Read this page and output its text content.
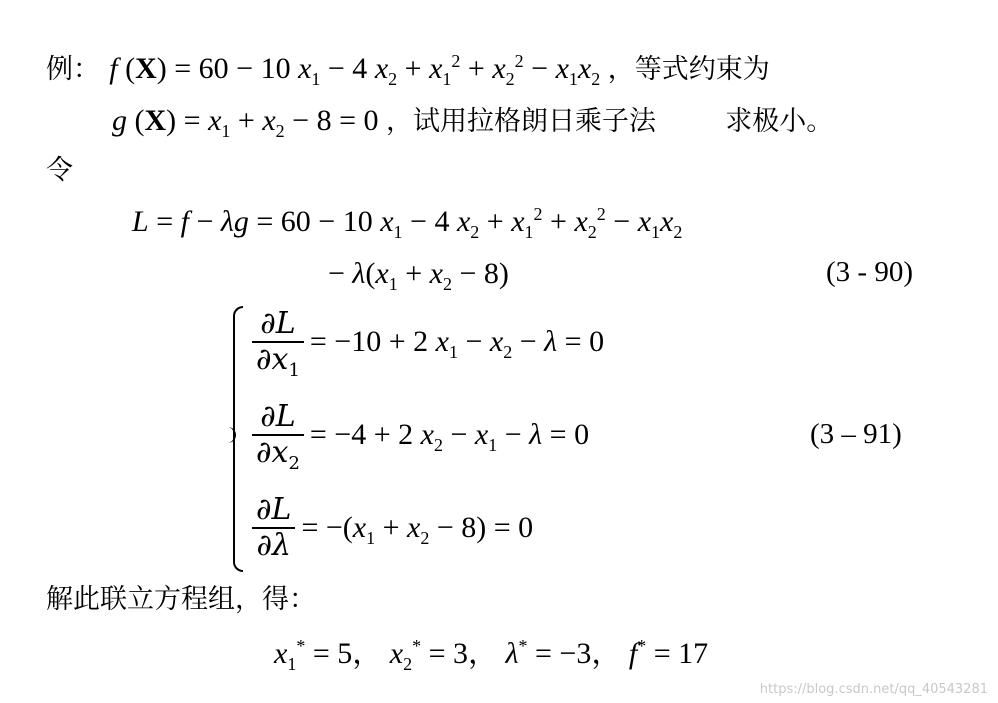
例： f (X) = 60 − 10 $x_1 - 4$ $x_2 + x_1^2 + x_2^2 - x_1x_2$ ，等式约束为
g $(X) = x_1 + x_2 - 8 = 0$ ，试用拉格朗日乘子法	求极小。
令
L = f − λg = 60 − 10 $x_1 - 4$ $x_2 + x_1^2 + x_2^2 - x_1x_2$
− $\lambda(x_1 + x_2 - 8)$	(3 - 90)
$\frac{\partial L}{\partial x_1} = -10 + 2$ $x_1 - x_2 - \lambda = 0$
$\frac{\partial L}{\partial x_2} = -4 + 2$ $x_2 - x_1 - \lambda = 0$	(3 – 91)
$\frac{\partial L}{\partial\lambda} = -(x_1 + x_2 - 8) = 0$
解此联立方程组，得：
$x_1^* = 5$， $x_2^* = 3$， λ* = −3， f* = 17
https://blog.csdn.net/qq_40543281
